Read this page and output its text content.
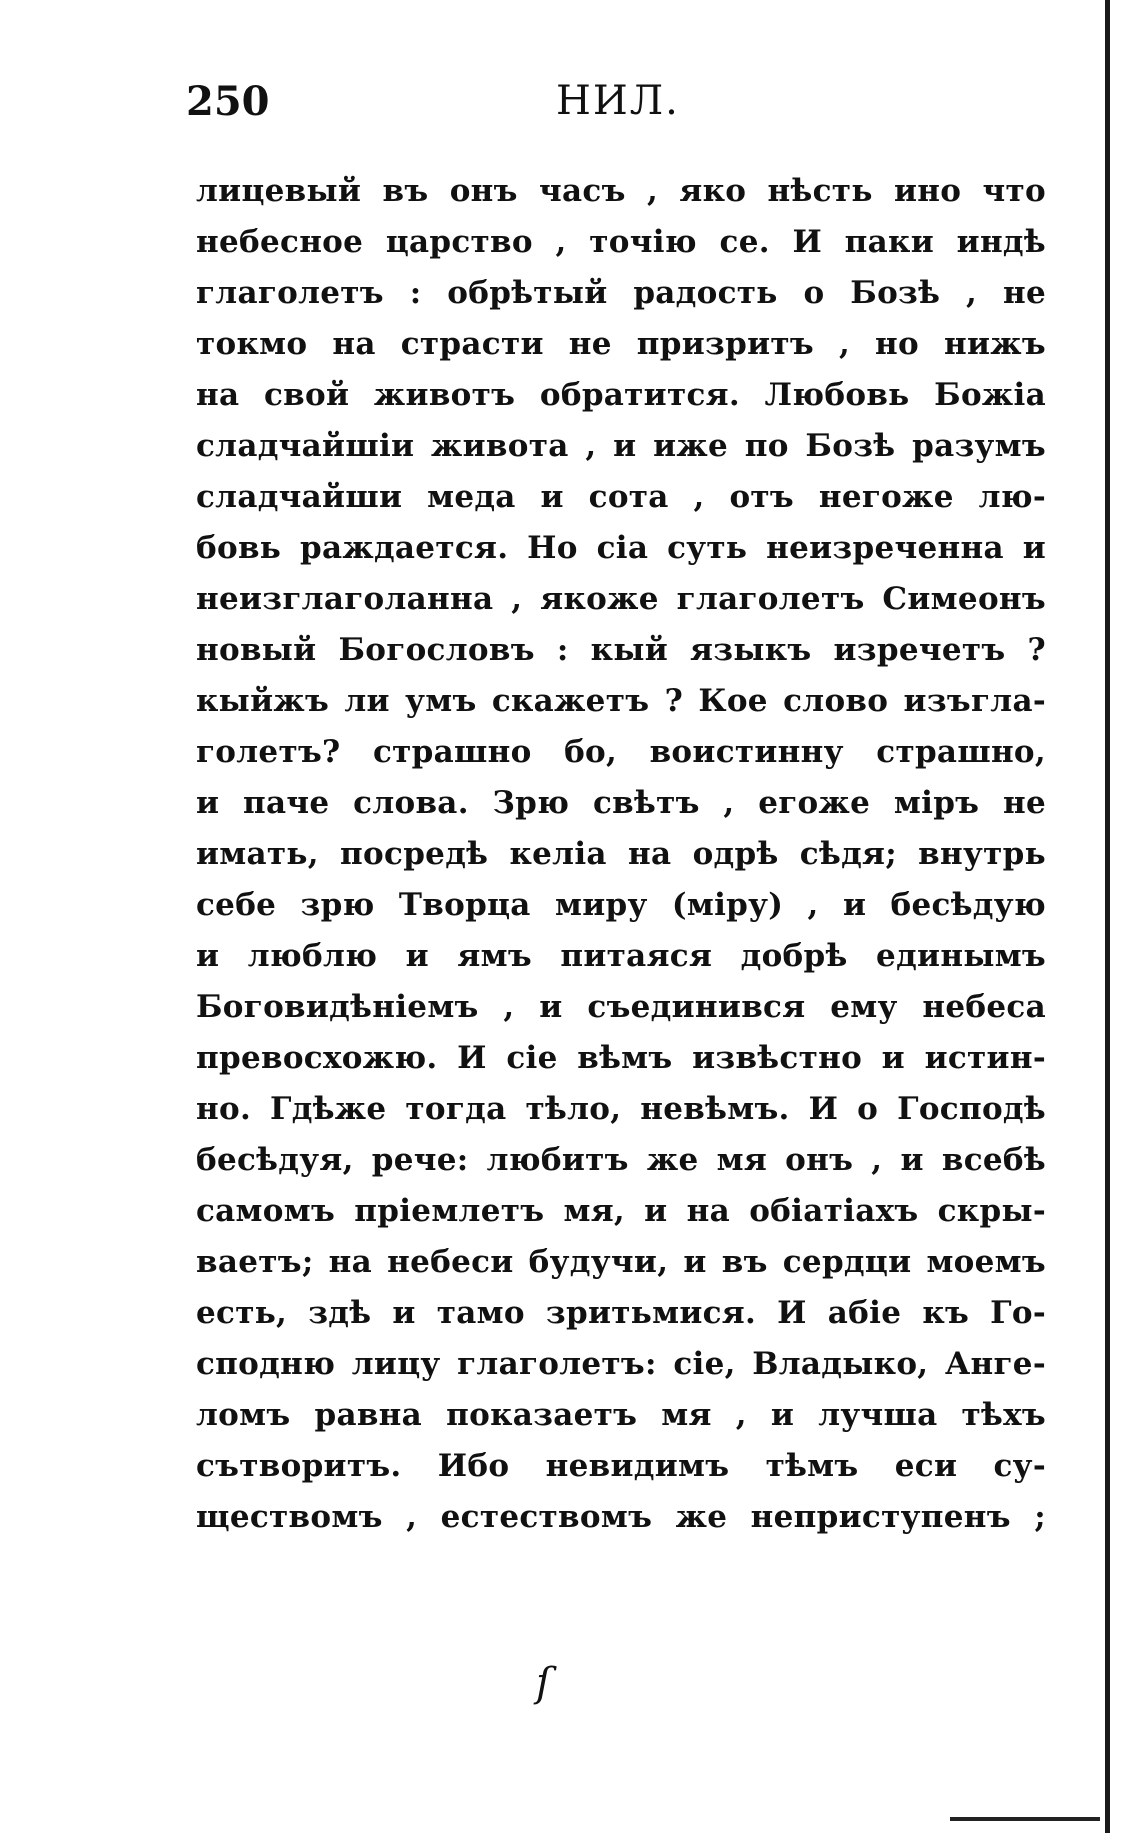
250	НИЛ.
лицевый въ онъ часъ , яко нѣсть ино что
небесное царство , точію се. И паки индѣ
глаголетъ : обрѣтый радость о Бозѣ , не
токмо на страсти не призритъ , но нижъ
на свой животъ обратится. Любовь Божіа
сладчайшіи живота , и иже по Бозѣ разумъ
сладчайши меда и сота , отъ негоже лю-
бовь раждается. Но сіа суть неизреченна и
неизглаголанна , якоже глаголетъ Симеонъ
новый Богословъ : кый языкъ изречетъ ?
кыйжъ ли умъ скажетъ ? Кое слово изъгла-
голетъ? страшно бо, воистинну страшно,
и паче слова. Зрю свѣтъ , егоже міръ не
имать, посредѣ келіа на одрѣ сѣдя; внутрь
себе зрю Творца миру (міру) , и бесѣдую
и люблю и ямъ питаяся добрѣ единымъ
Боговидѣніемъ , и съединився ему небеса
превосхожю. И сіе вѣмъ извѣстно и истин-
но. Гдѣже тогда тѣло, невѣмъ. И о Господѣ
бесѣдуя, рече: любитъ же мя онъ , и всебѣ
самомъ пріемлетъ мя, и на обіатіахъ скры-
ваетъ; на небеси будучи, и въ сердци моемъ
есть, здѣ и тамо зритьмися. И абіе къ Го-
сподню лицу глаголетъ: сіе, Владыко, Анге-
ломъ равна показаетъ мя , и лучша тѣхъ
сътворитъ. Ибо невидимъ тѣмъ еси су-
ществомъ , естествомъ же неприступенъ ;
ſ
